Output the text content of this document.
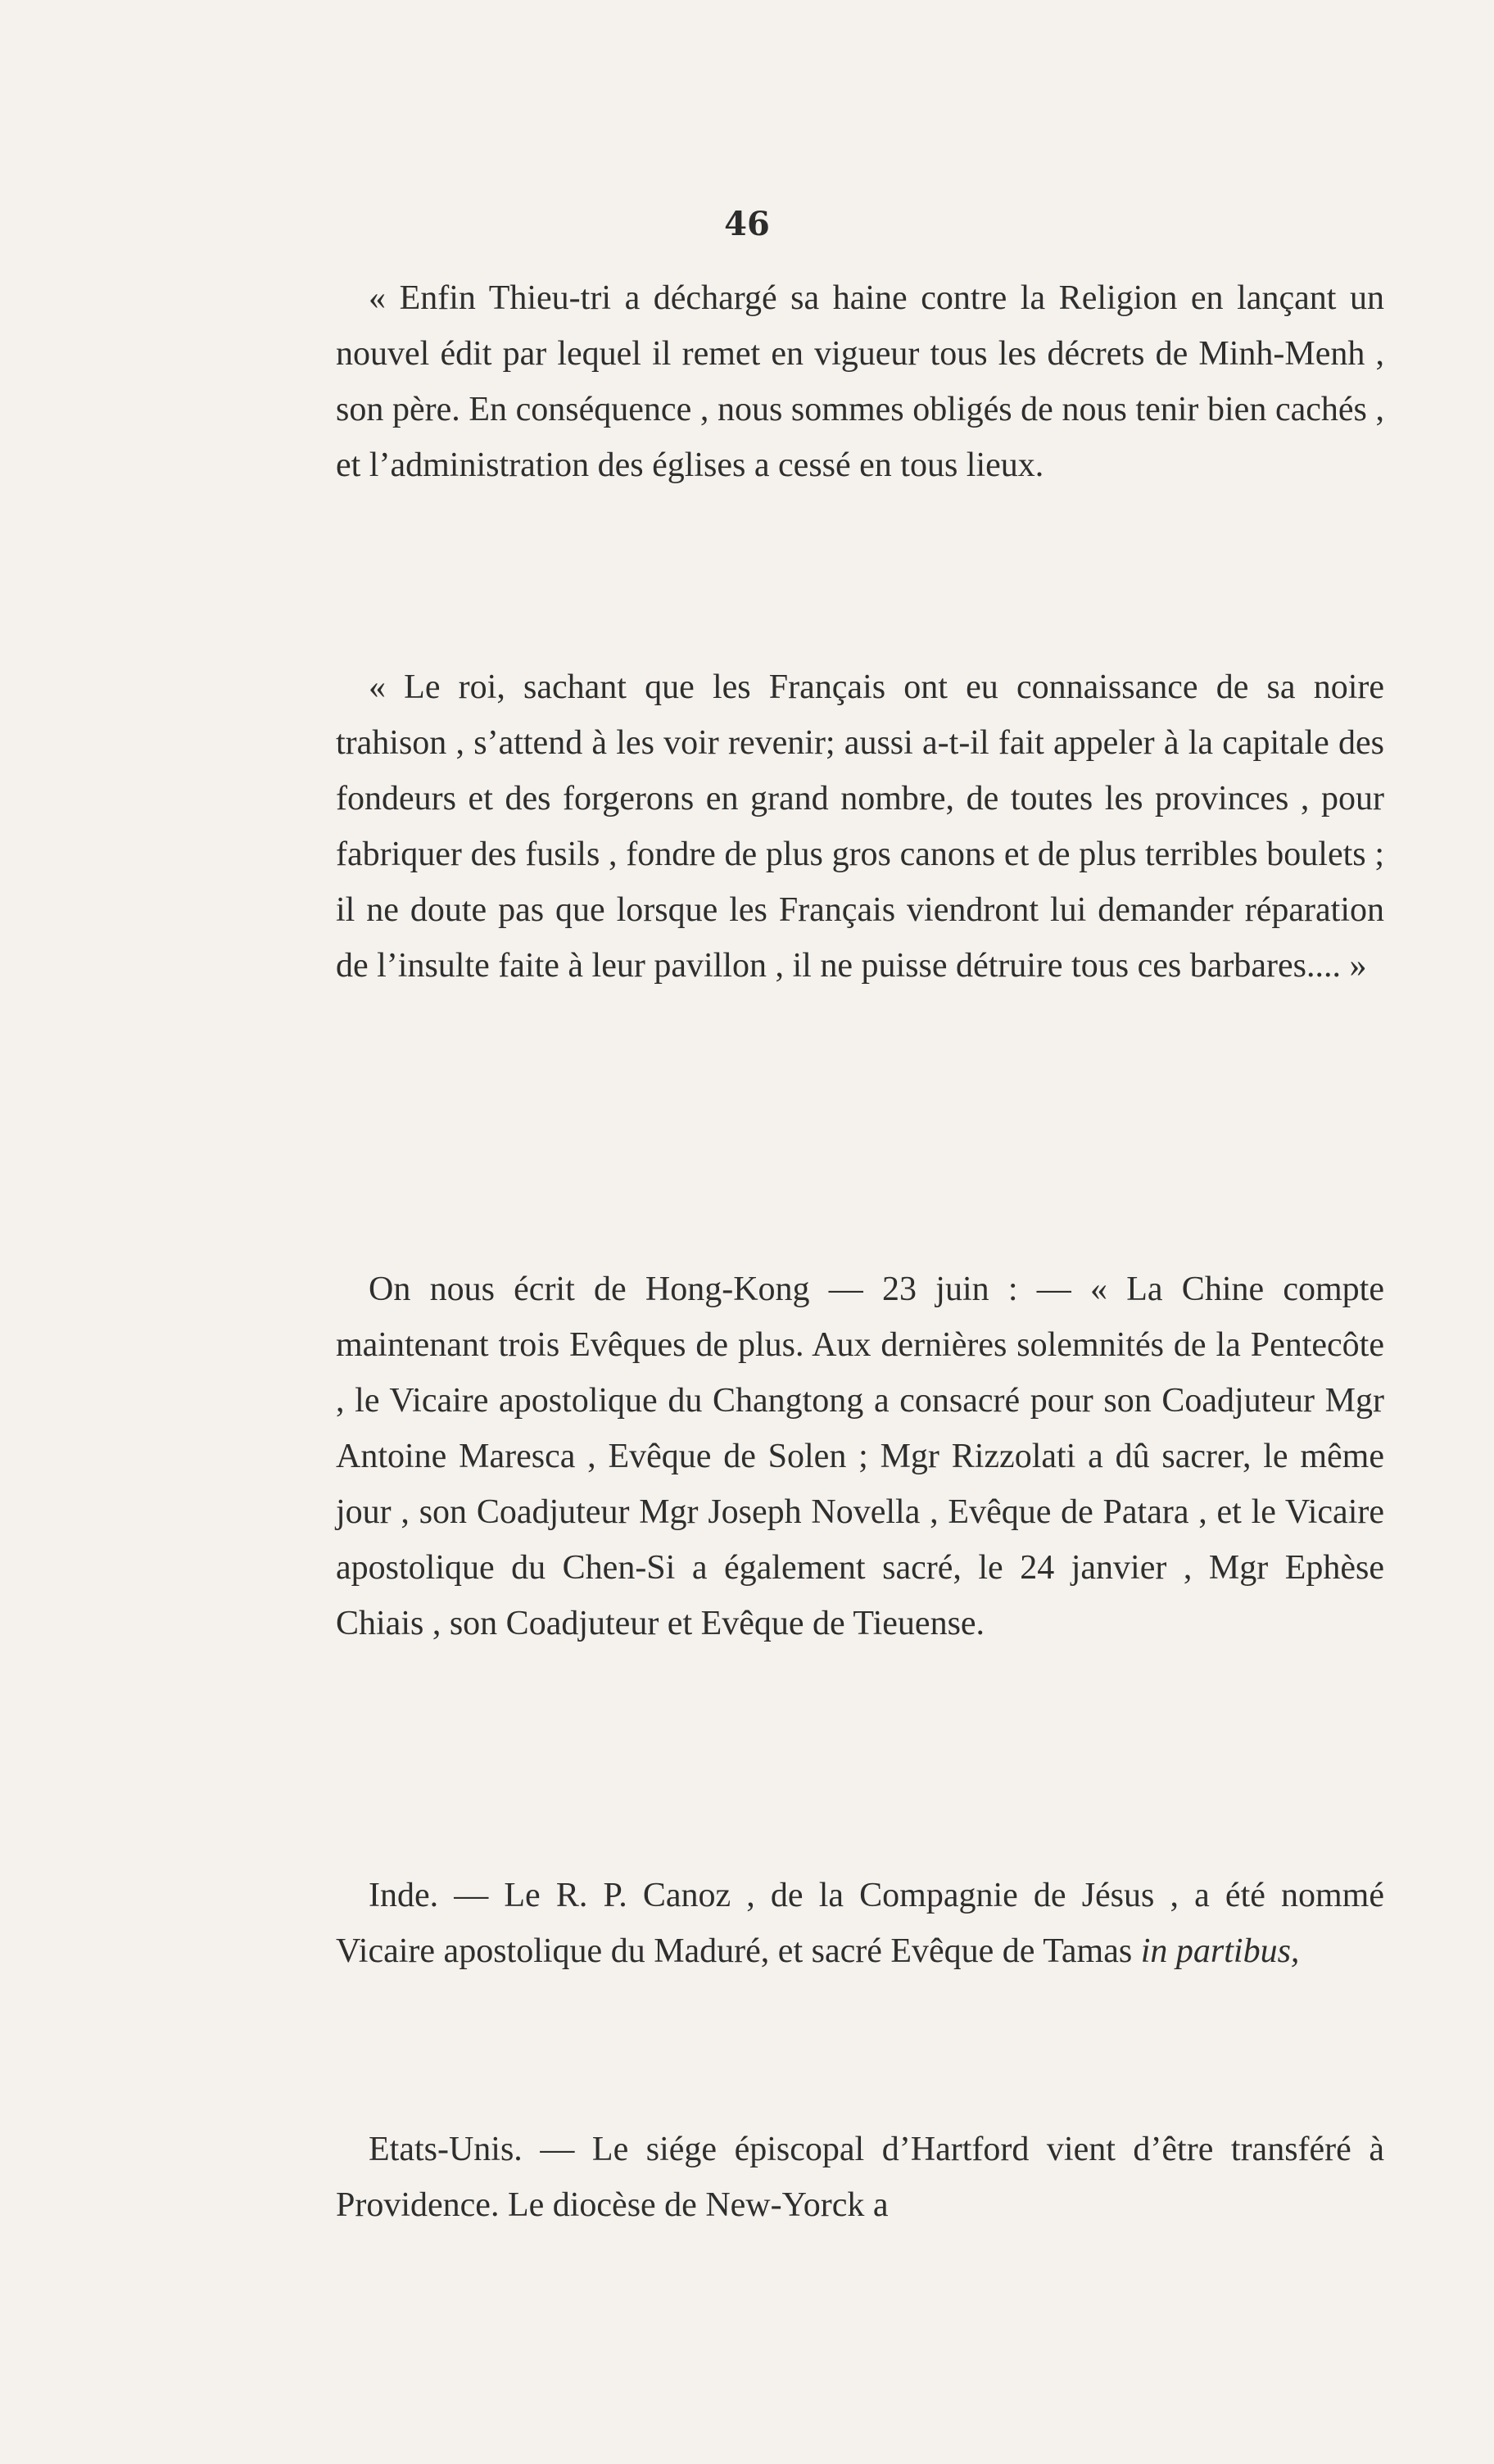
46

« Enfin Thieu-tri a déchargé sa haine contre la Religion en lançant un nouvel édit par lequel il remet en vigueur tous les décrets de Minh-Menh , son père. En conséquence , nous sommes obligés de nous tenir bien cachés , et l’administration des églises a cessé en tous lieux.

« Le roi, sachant que les Français ont eu connaissance de sa noire trahison , s’attend à les voir revenir; aussi a-t-il fait appeler à la capitale des fondeurs et des forgerons en grand nombre, de toutes les provinces , pour fabriquer des fusils , fondre de plus gros canons et de plus terribles boulets ; il ne doute pas que lorsque les Français viendront lui demander réparation de l’insulte faite à leur pavillon , il ne puisse détruire tous ces barbares.... »

On nous écrit de Hong-Kong — 23 juin : — « La Chine compte maintenant trois Evêques de plus. Aux dernières solemnités de la Pentecôte , le Vicaire apostolique du Changtong a consacré pour son Coadjuteur Mgr Antoine Maresca , Evêque de Solen ; Mgr Rizzolati a dû sacrer, le même jour , son Coadjuteur Mgr Joseph Novella , Evêque de Patara , et le Vicaire apostolique du Chen-Si a également sacré, le 24 janvier , Mgr Ephèse Chiais , son Coadjuteur et Evêque de Tieuense.

Inde. — Le R. P. Canoz , de la Compagnie de Jésus , a été nommé Vicaire apostolique du Maduré, et sacré Evêque de Tamas in partibus,

Etats-Unis. — Le siége épiscopal d’Hartford vient d’être transféré à Providence. Le diocèse de New-Yorck a
